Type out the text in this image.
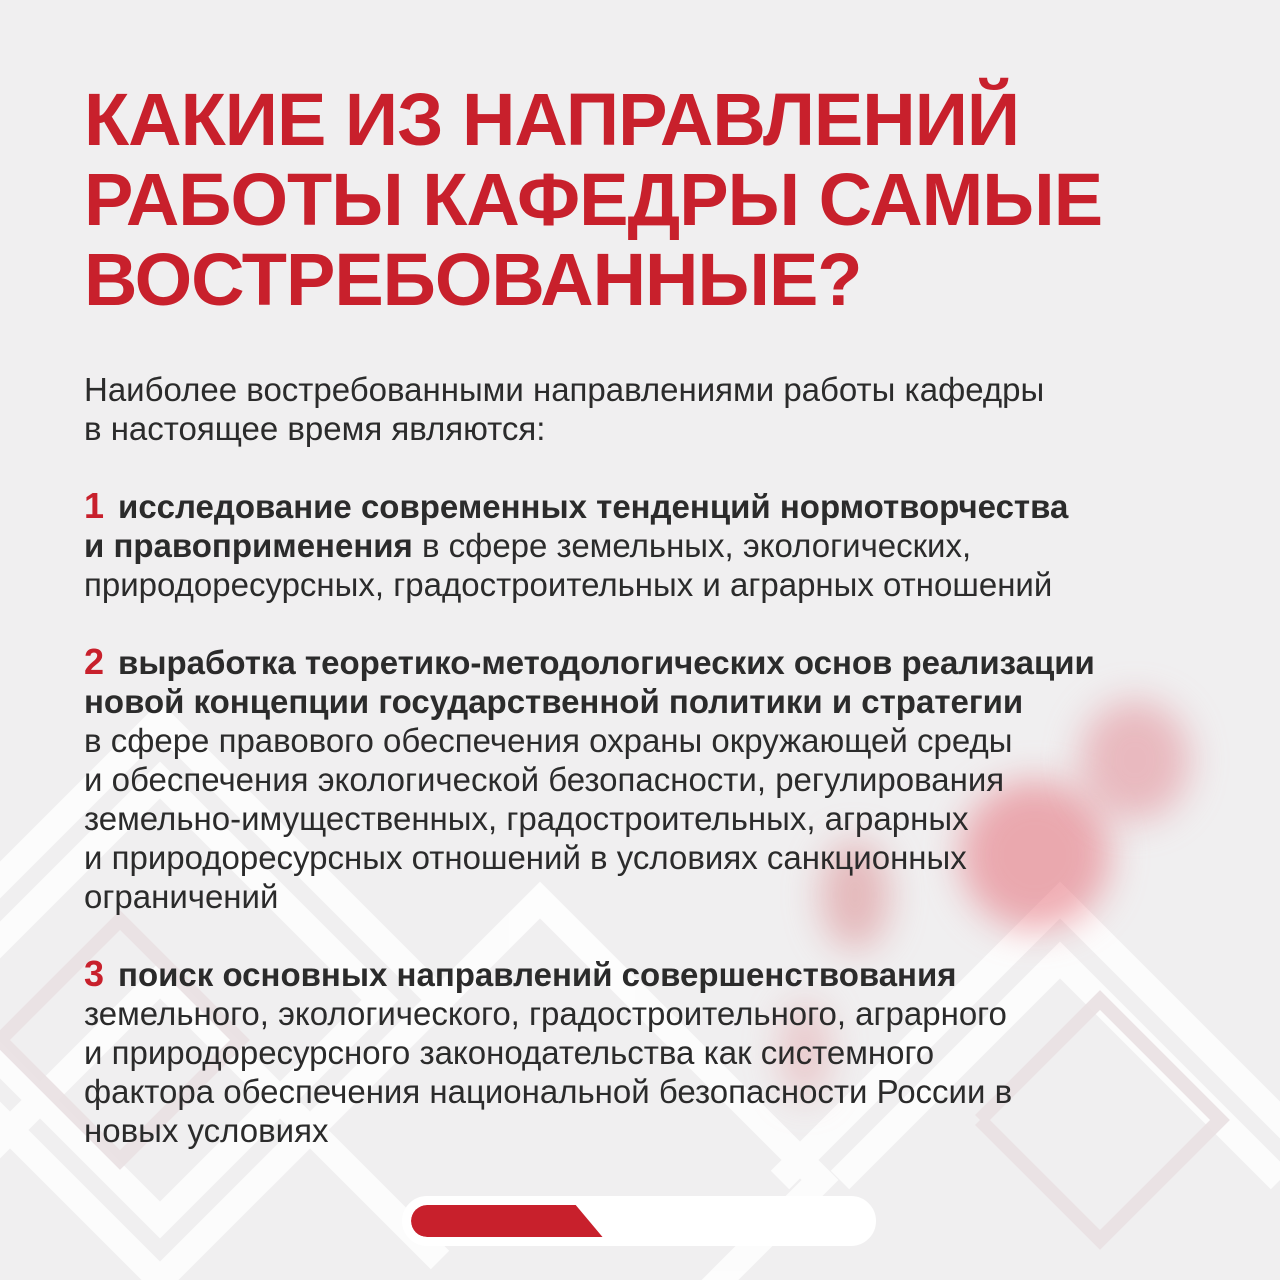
КАКИЕ ИЗ НАПРАВЛЕНИЙ
РАБОТЫ КАФЕДРЫ САМЫЕ
ВОСТРЕБОВАННЫЕ?
Наиболее востребованными направлениями работы кафедры
в настоящее время являются:
1 исследование современных тенденций нормотворчества
и правоприменения в сфере земельных, экологических,
природоресурсных, градостроительных и аграрных отношений
2 выработка теоретико-методологических основ реализации
новой концепции государственной политики и стратегии
в сфере правового обеспечения охраны окружающей среды
и обеспечения экологической безопасности, регулирования
земельно-имущественных, градостроительных, аграрных
и природоресурсных отношений в условиях санкционных
ограничений
3 поиск основных направлений совершенствования
земельного, экологического, градостроительного, аграрного
и природоресурсного законодательства как системного
фактора обеспечения национальной безопасности России в
новых условиях
